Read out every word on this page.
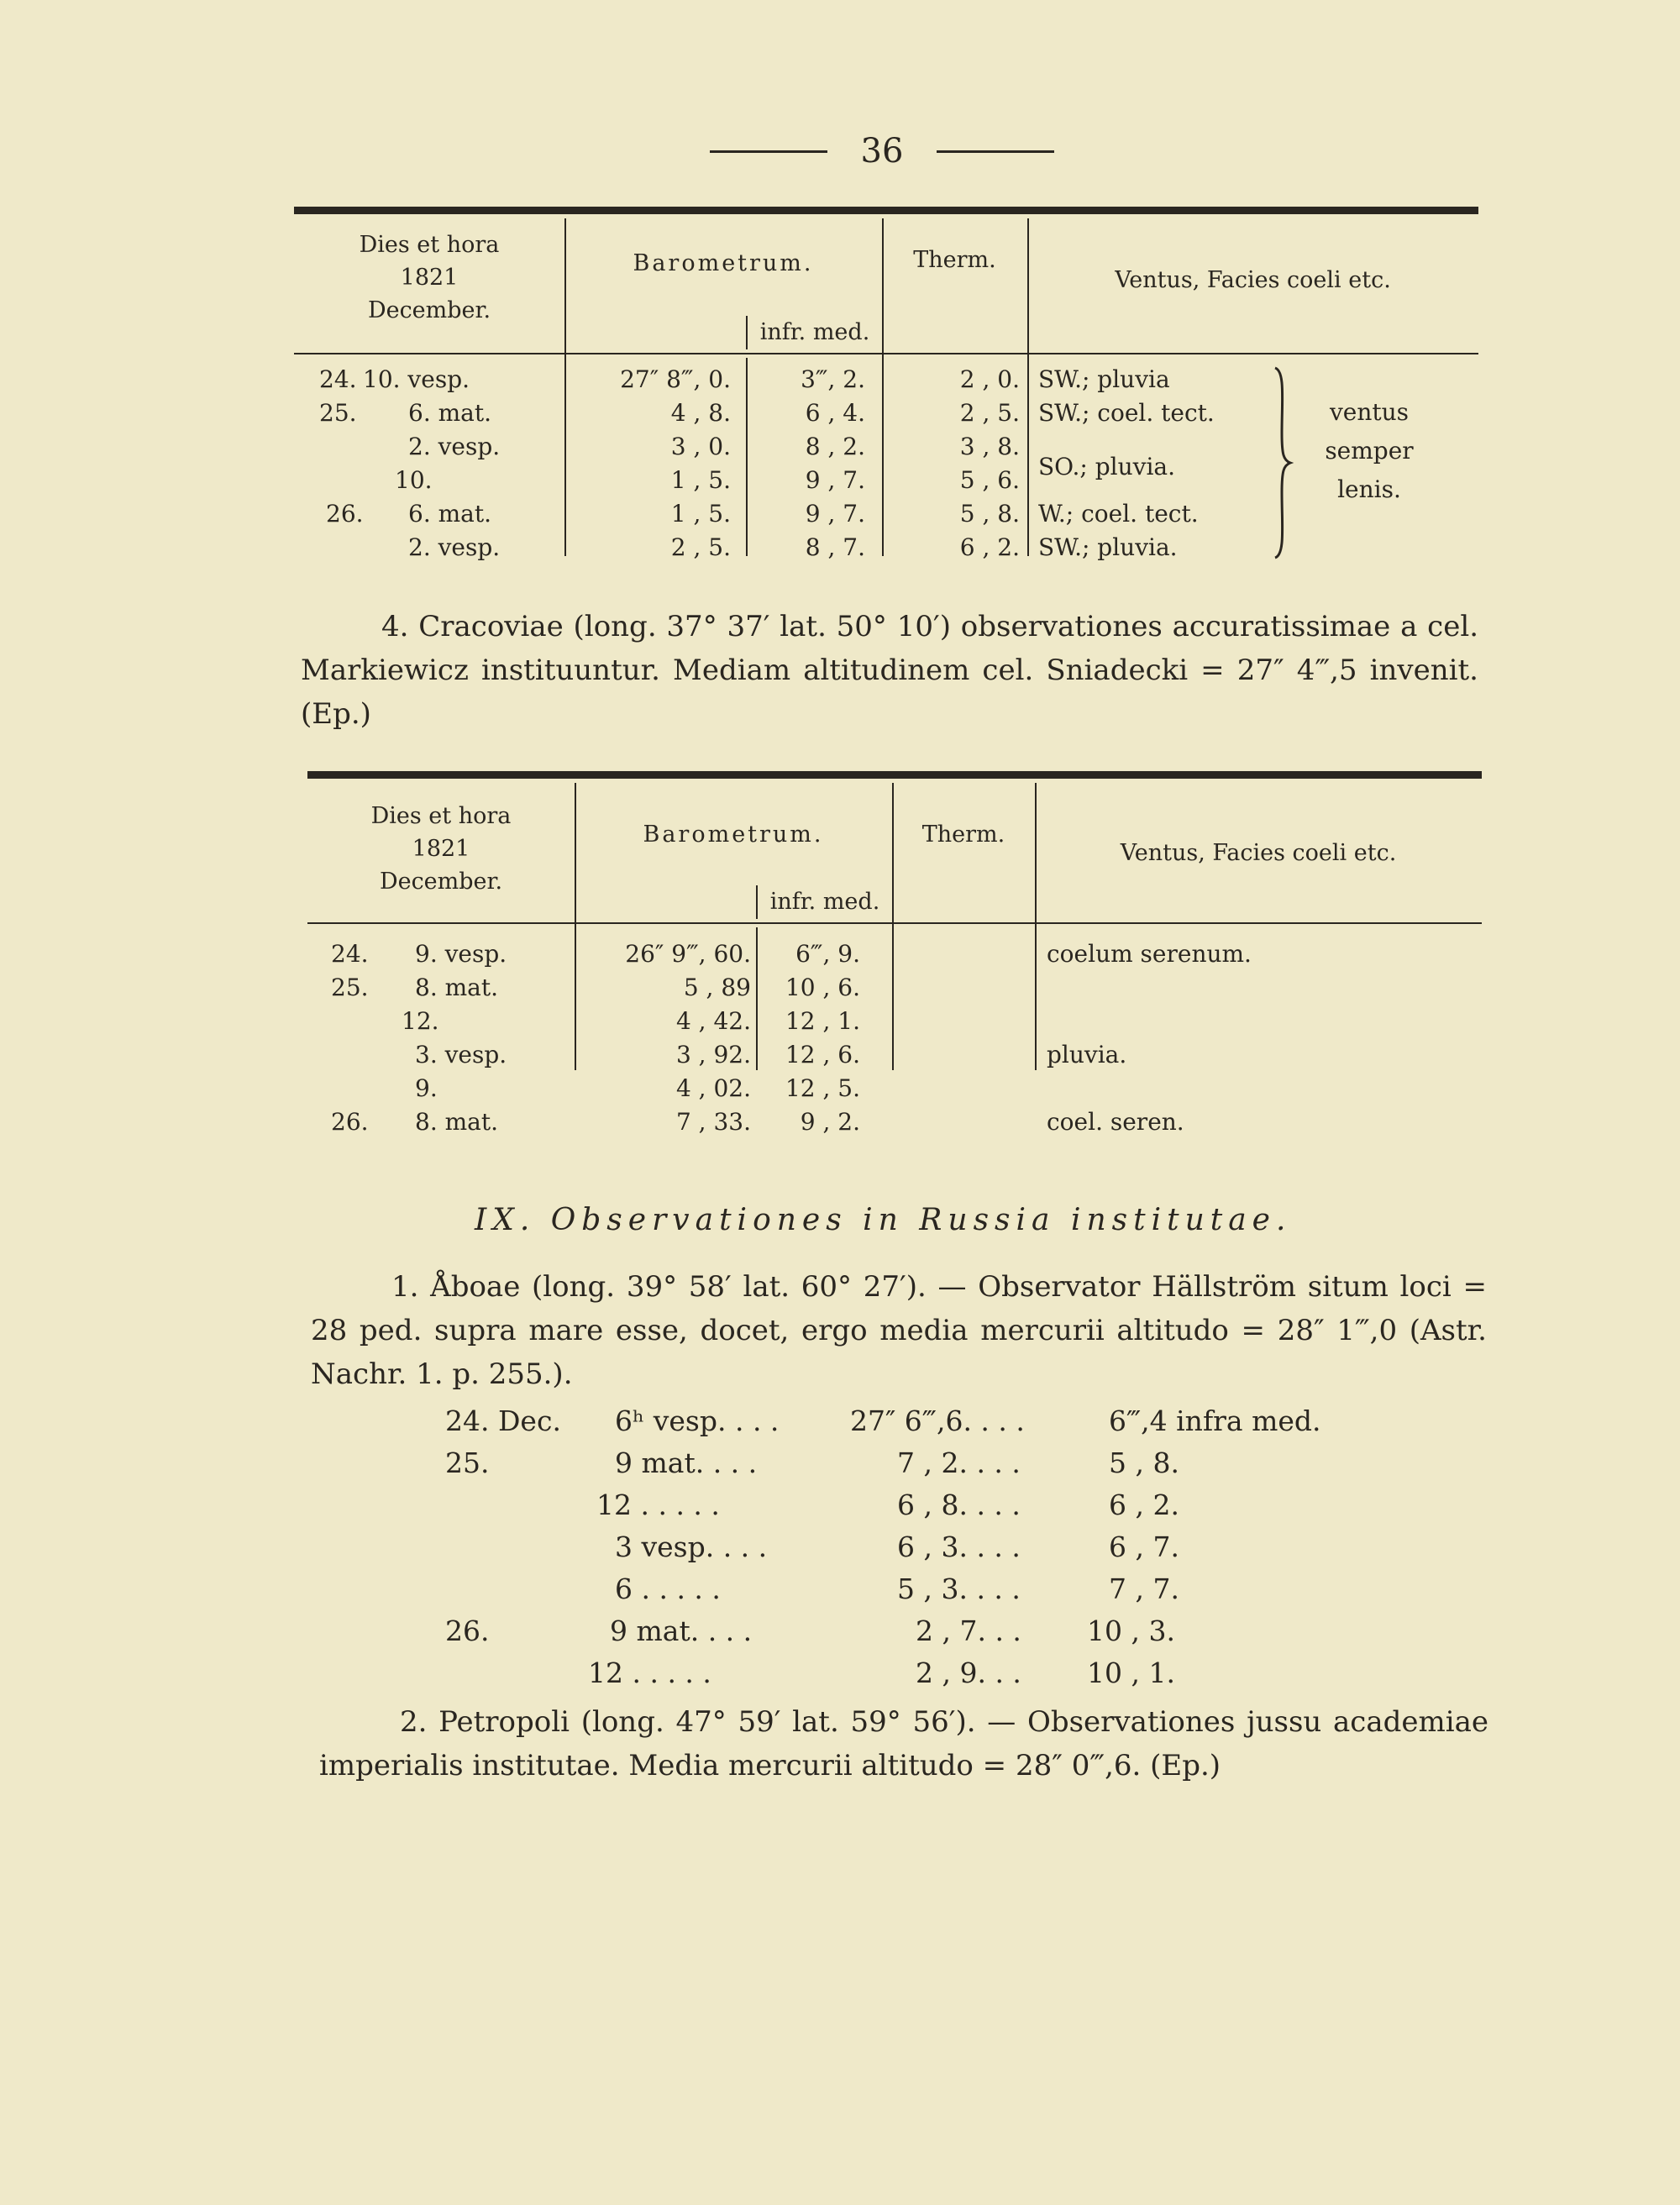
36
Dies et hora
1821
December.
Barometrum.
infr. med.
Therm.
Ventus, Facies coeli etc.
24. 10. vesp.	27″ 8‴, 0.	3‴, 2.	2 , 0. SW.; pluvia
25. 6. mat.	4 , 8.	6 , 4.	2 , 5. SW.; coel. tect.
2. vesp.	3 , 0.	8 , 2.	3 , 8.
10.	1 , 5.	9 , 7.	5 , 6. SO.; pluvia.
26. 6. mat.	1 , 5.	9 , 7.	5 , 8. W.; coel. tect.
2. vesp.	2 , 5.	8 , 7.	6 , 2. SW.; pluvia.
ventus
semper
lenis.
4. Cracoviae (long. 37° 37′ lat. 50° 10′) observationes accuratissimae a cel. Markiewicz instituuntur. Mediam altitudinem cel. Sniadecki = 27″ 4‴,5 invenit. (Ep.)
Dies et hora
1821
December.
Barometrum.
infr. med.
Therm.
Ventus, Facies coeli etc.
24. 9. vesp.	26″ 9‴, 60. 6‴, 9.	coelum serenum.
25. 8. mat.	5 , 89 10 , 6.
12.	4 , 42. 12 , 1.
3. vesp.	3 , 92. 12 , 6.	pluvia.
9.	4 , 02. 12 , 5.
26. 8. mat.	7 , 33. 9 , 2.	coel. seren.
IX. Observationes in Russia institutae.
1. Åboae (long. 39° 58′ lat. 60° 27′). — Observator Hällström situm loci = 28 ped. supra mare esse, docet, ergo media mercurii altitudo = 28″ 1‴,0 (Astr. Nachr. 1. p. 255.).
24. Dec. 6ʰ vesp. . . .	27″ 6‴,6. . . .	6‴,4 infra med.
25.	9 mat. . . .	7 , 2. . . .	5 , 8.
12 . . . . .	6 , 8. . . .	6 , 2.
3 vesp. . . .	6 , 3. . . .	6 , 7.
6 . . . . .	5 , 3. . . .	7 , 7.
26.	9 mat. . . .	2 , 7. . . 10 , 3.
12 . . . . .	2 , 9. . . 10 , 1.
2. Petropoli (long. 47° 59′ lat. 59° 56′). — Observationes jussu academiae imperialis institutae. Media mercurii altitudo = 28″ 0‴,6. (Ep.)
